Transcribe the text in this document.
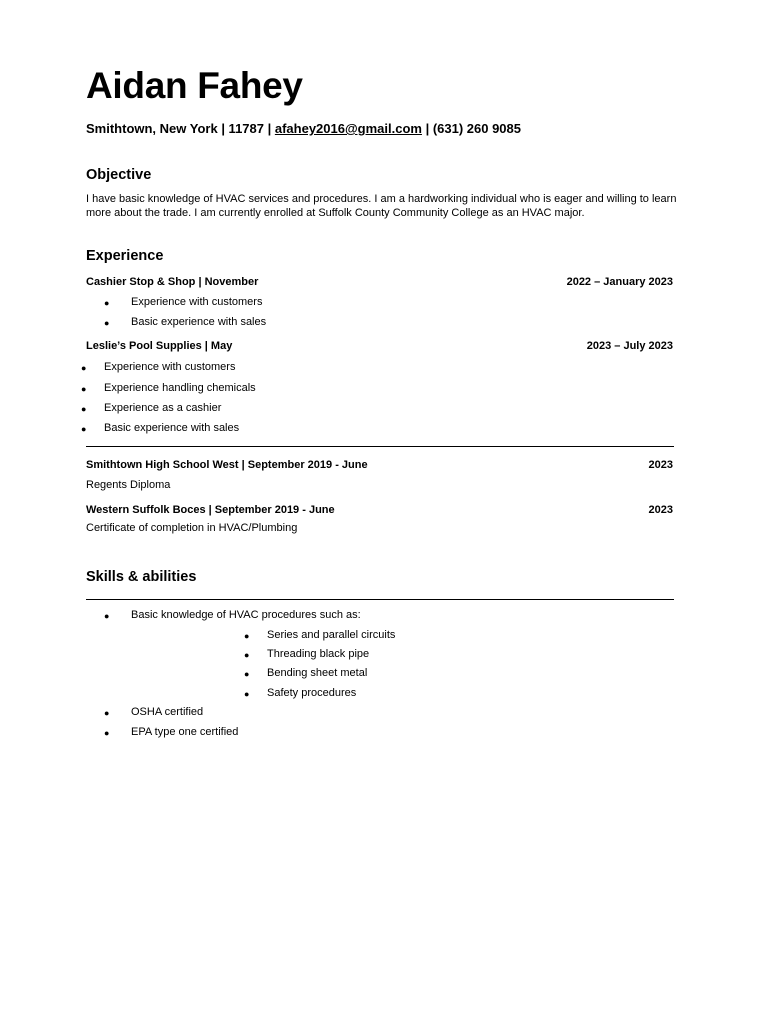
Aidan Fahey
Smithtown, New York | 11787 | afahey2016@gmail.com | (631) 260 9085
Objective
I have basic knowledge of HVAC services and procedures. I am a hardworking individual who is eager and willing to learn more about the trade. I am currently enrolled at Suffolk County Community College as an HVAC major.
Experience
Cashier Stop & Shop | November	2022 – January 2023
● Experience with customers
● Basic experience with sales
Leslie’s Pool Supplies | May	2023 – July 2023
● Experience with customers
● Experience handling chemicals
● Experience as a cashier
● Basic experience with sales
Smithtown High School West | September 2019 - June	2023
Regents Diploma
Western Suffolk Boces | September 2019 - June	2023
Certificate of completion in HVAC/Plumbing
Skills & abilities
● Basic knowledge of HVAC procedures such as:
● Series and parallel circuits
● Threading black pipe
● Bending sheet metal
● Safety procedures
● OSHA certified
● EPA type one certified
